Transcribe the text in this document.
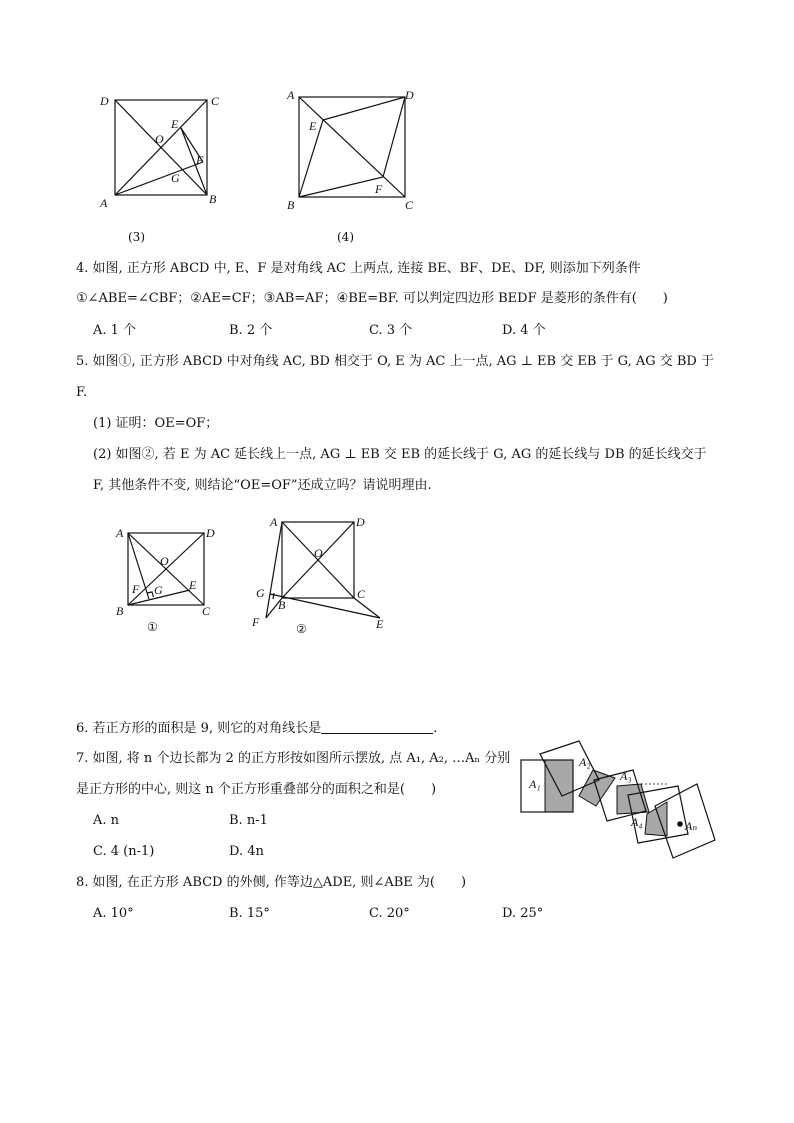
D	C
A	B
O
E
F
G
(3)
A	D
B	C
E
F
(4)
4. 如图, 正方形 ABCD 中, E、F 是对角线 AC 上两点, 连接 BE、BF、DE、DF, 则添加下列条件
①∠ABE=∠CBF；②AE=CF；③AB=AF；④BE=BF. 可以判定四边形 BEDF 是菱形的条件有(　　)
A. 1 个	B. 2 个	C. 3 个	D. 4 个
5. 如图①, 正方形 ABCD 中对角线 AC, BD 相交于 O, E 为 AC 上一点, AG ⊥ EB 交 EB 于 G, AG 交 BD 于
F.
(1) 证明：OE=OF；
(2) 如图②, 若 E 为 AC 延长线上一点, AG ⊥ EB 交 EB 的延长线于 G, AG 的延长线与 DB 的延长线交于
F, 其他条件不变, 则结论“OE=OF”还成立吗？请说明理由.
A	D
O
F G E
B	C
①
A	D
O
G
B
C
F	E
②
6. 若正方形的面积是 9, 则它的对角线长是	.
7. 如图, 将 n 个边长都为 2 的正方形按如图所示摆放, 点 A₁, A₂, …Aₙ 分别
是正方形的中心, 则这 n 个正方形重叠部分的面积之和是(　　)
A. n	B. n-1
C. 4 (n-1)	D. 4n
A₁
A₂
A₃
A₄	Aₙ
8. 如图, 在正方形 ABCD 的外侧, 作等边△ADE, 则∠ABE 为(　　)
A. 10°	B. 15°	C. 20°	D. 25°
